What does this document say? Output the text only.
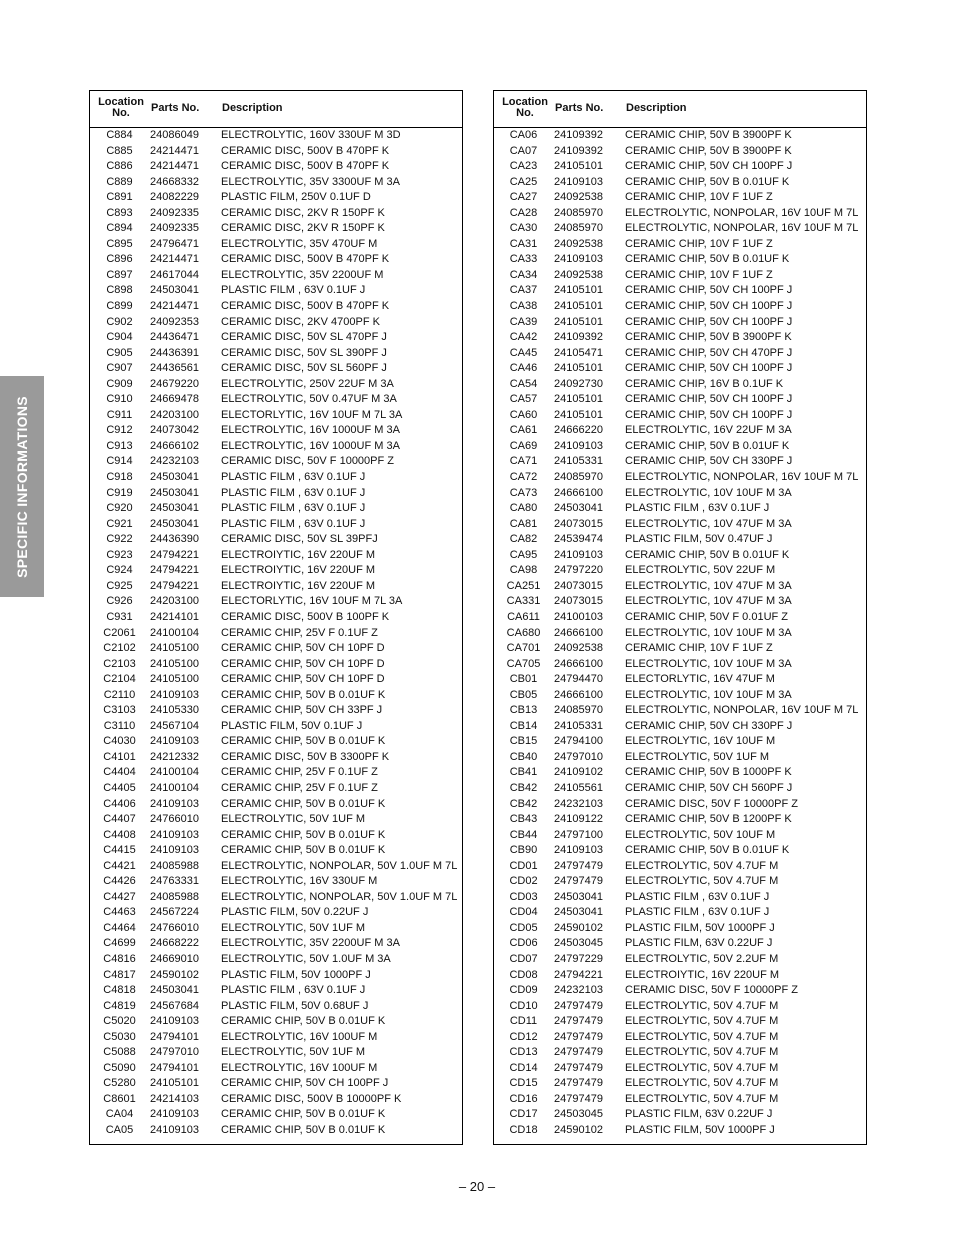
SPECIFIC INFORMATIONS
Location
No.	Parts No. Description
C884	24086049 ELECTROLYTIC, 160V 330UF M 3D
C885	24214471 CERAMIC DISC, 500V B 470PF K
C886	24214471 CERAMIC DISC, 500V B 470PF K
C889	24668332 ELECTROLYTIC, 35V 3300UF M 3A
C891	24082229 PLASTIC FILM, 250V 0.1UF D
C893	24092335 CERAMIC DISC, 2KV R 150PF K
C894	24092335 CERAMIC DISC, 2KV R 150PF K
C895	24796471 ELECTROLYTIC, 35V 470UF M
C896	24214471 CERAMIC DISC, 500V B 470PF K
C897	24617044 ELECTROLYTIC, 35V 2200UF M
C898	24503041 PLASTIC FILM , 63V 0.1UF J
C899	24214471 CERAMIC DISC, 500V B 470PF K
C902	24092353 CERAMIC DISC, 2KV 4700PF K
C904	24436471 CERAMIC DISC, 50V SL 470PF J
C905	24436391 CERAMIC DISC, 50V SL 390PF J
C907	24436561 CERAMIC DISC, 50V SL 560PF J
C909	24679220 ELECTROLYTIC, 250V 22UF M 3A
C910	24669478 ELECTROLYTIC, 50V 0.47UF M 3A
C911	24203100 ELECTORLYTIC, 16V 10UF M 7L 3A
C912	24073042 ELECTROLYTIC, 16V 1000UF M 3A
C913	24666102 ELECTROLYTIC, 16V 1000UF M 3A
C914	24232103 CERAMIC DISC, 50V F 10000PF Z
C918	24503041 PLASTIC FILM , 63V 0.1UF J
C919	24503041 PLASTIC FILM , 63V 0.1UF J
C920	24503041 PLASTIC FILM , 63V 0.1UF J
C921	24503041 PLASTIC FILM , 63V 0.1UF J
C922	24436390 CERAMIC DISC, 50V SL 39PFJ
C923	24794221 ELECTROIYTIC, 16V 220UF M
C924	24794221 ELECTROIYTIC, 16V 220UF M
C925	24794221 ELECTROIYTIC, 16V 220UF M
C926	24203100 ELECTORLYTIC, 16V 10UF M 7L 3A
C931	24214101 CERAMIC DISC, 500V B 100PF K
C2061	24100104 CERAMIC CHIP, 25V F 0.1UF Z
C2102	24105100 CERAMIC CHIP, 50V CH 10PF D
C2103	24105100 CERAMIC CHIP, 50V CH 10PF D
C2104	24105100 CERAMIC CHIP, 50V CH 10PF D
C2110	24109103 CERAMIC CHIP, 50V B 0.01UF K
C3103	24105330 CERAMIC CHIP, 50V CH 33PF J
C3110	24567104 PLASTIC FILM, 50V 0.1UF J
C4030	24109103 CERAMIC CHIP, 50V B 0.01UF K
C4101	24212332 CERAMIC DISC, 50V B 3300PF K
C4404	24100104 CERAMIC CHIP, 25V F 0.1UF Z
C4405	24100104 CERAMIC CHIP, 25V F 0.1UF Z
C4406	24109103 CERAMIC CHIP, 50V B 0.01UF K
C4407	24766010 ELECTROLYTIC, 50V 1UF M
C4408	24109103 CERAMIC CHIP, 50V B 0.01UF K
C4415	24109103 CERAMIC CHIP, 50V B 0.01UF K
C4421	24085988 ELECTROLYTIC, NONPOLAR, 50V 1.0UF M 7L
C4426	24763331 ELECTROLYTIC, 16V 330UF M
C4427	24085988 ELECTROLYTIC, NONPOLAR, 50V 1.0UF M 7L
C4463	24567224 PLASTIC FILM, 50V 0.22UF J
C4464	24766010 ELECTROLYTIC, 50V 1UF M
C4699	24668222 ELECTROLYTIC, 35V 2200UF M 3A
C4816	24669010 ELECTROLYTIC, 50V 1.0UF M 3A
C4817	24590102 PLASTIC FILM, 50V 1000PF J
C4818	24503041 PLASTIC FILM , 63V 0.1UF J
C4819	24567684 PLASTIC FILM, 50V 0.68UF J
C5020	24109103 CERAMIC CHIP, 50V B 0.01UF K
C5030	24794101 ELECTROLYTIC, 16V 100UF M
C5088	24797010 ELECTROLYTIC, 50V 1UF M
C5090	24794101 ELECTROLYTIC, 16V 100UF M
C5280	24105101 CERAMIC CHIP, 50V CH 100PF J
C8601	24214103 CERAMIC DISC, 500V B 10000PF K
CA04	24109103 CERAMIC CHIP, 50V B 0.01UF K
CA05	24109103 CERAMIC CHIP, 50V B 0.01UF K
Location
No.	Parts No. Description
CA06	24109392 CERAMIC CHIP, 50V B 3900PF K
CA07	24109392 CERAMIC CHIP, 50V B 3900PF K
CA23	24105101 CERAMIC CHIP, 50V CH 100PF J
CA25	24109103 CERAMIC CHIP, 50V B 0.01UF K
CA27	24092538 CERAMIC CHIP, 10V F 1UF Z
CA28	24085970 ELECTROLYTIC, NONPOLAR, 16V 10UF M 7L
CA30	24085970 ELECTROLYTIC, NONPOLAR, 16V 10UF M 7L
CA31	24092538 CERAMIC CHIP, 10V F 1UF Z
CA33	24109103 CERAMIC CHIP, 50V B 0.01UF K
CA34	24092538 CERAMIC CHIP, 10V F 1UF Z
CA37	24105101 CERAMIC CHIP, 50V CH 100PF J
CA38	24105101 CERAMIC CHIP, 50V CH 100PF J
CA39	24105101 CERAMIC CHIP, 50V CH 100PF J
CA42	24109392 CERAMIC CHIP, 50V B 3900PF K
CA45	24105471 CERAMIC CHIP, 50V CH 470PF J
CA46	24105101 CERAMIC CHIP, 50V CH 100PF J
CA54	24092730 CERAMIC CHIP, 16V B 0.1UF K
CA57	24105101 CERAMIC CHIP, 50V CH 100PF J
CA60	24105101 CERAMIC CHIP, 50V CH 100PF J
CA61	24666220 ELECTROLYTIC, 16V 22UF M 3A
CA69	24109103 CERAMIC CHIP, 50V B 0.01UF K
CA71	24105331 CERAMIC CHIP, 50V CH 330PF J
CA72	24085970 ELECTROLYTIC, NONPOLAR, 16V 10UF M 7L
CA73	24666100 ELECTROLYTIC, 10V 10UF M 3A
CA80	24503041 PLASTIC FILM , 63V 0.1UF J
CA81	24073015 ELECTROLYTIC, 10V 47UF M 3A
CA82	24539474 PLASTIC FILM, 50V 0.47UF J
CA95	24109103 CERAMIC CHIP, 50V B 0.01UF K
CA98	24797220 ELECTROLYTIC, 50V 22UF M
CA251	24073015 ELECTROLYTIC, 10V 47UF M 3A
CA331	24073015 ELECTROLYTIC, 10V 47UF M 3A
CA611	24100103 CERAMIC CHIP, 50V F 0.01UF Z
CA680	24666100 ELECTROLYTIC, 10V 10UF M 3A
CA701	24092538 CERAMIC CHIP, 10V F 1UF Z
CA705	24666100 ELECTROLYTIC, 10V 10UF M 3A
CB01	24794470 ELECTORLYTIC, 16V 47UF M
CB05	24666100 ELECTROLYTIC, 10V 10UF M 3A
CB13	24085970 ELECTROLYTIC, NONPOLAR, 16V 10UF M 7L
CB14	24105331 CERAMIC CHIP, 50V CH 330PF J
CB15	24794100 ELECTROLYTIC, 16V 10UF M
CB40	24797010 ELECTROLYTIC, 50V 1UF M
CB41	24109102 CERAMIC CHIP, 50V B 1000PF K
CB42	24105561 CERAMIC CHIP, 50V CH 560PF J
CB42	24232103 CERAMIC DISC, 50V F 10000PF Z
CB43	24109122 CERAMIC CHIP, 50V B 1200PF K
CB44	24797100 ELECTROLYTIC, 50V 10UF M
CB90	24109103 CERAMIC CHIP, 50V B 0.01UF K
CD01	24797479 ELECTROLYTIC, 50V 4.7UF M
CD02	24797479 ELECTROLYTIC, 50V 4.7UF M
CD03	24503041 PLASTIC FILM , 63V 0.1UF J
CD04	24503041 PLASTIC FILM , 63V 0.1UF J
CD05	24590102 PLASTIC FILM, 50V 1000PF J
CD06	24503045 PLASTIC FILM, 63V 0.22UF J
CD07	24797229 ELECTROLYTIC, 50V 2.2UF M
CD08	24794221 ELECTROIYTIC, 16V 220UF M
CD09	24232103 CERAMIC DISC, 50V F 10000PF Z
CD10	24797479 ELECTROLYTIC, 50V 4.7UF M
CD11	24797479 ELECTROLYTIC, 50V 4.7UF M
CD12	24797479 ELECTROLYTIC, 50V 4.7UF M
CD13	24797479 ELECTROLYTIC, 50V 4.7UF M
CD14	24797479 ELECTROLYTIC, 50V 4.7UF M
CD15	24797479 ELECTROLYTIC, 50V 4.7UF M
CD16	24797479 ELECTROLYTIC, 50V 4.7UF M
CD17	24503045 PLASTIC FILM, 63V 0.22UF J
CD18	24590102 PLASTIC FILM, 50V 1000PF J
– 20 –
